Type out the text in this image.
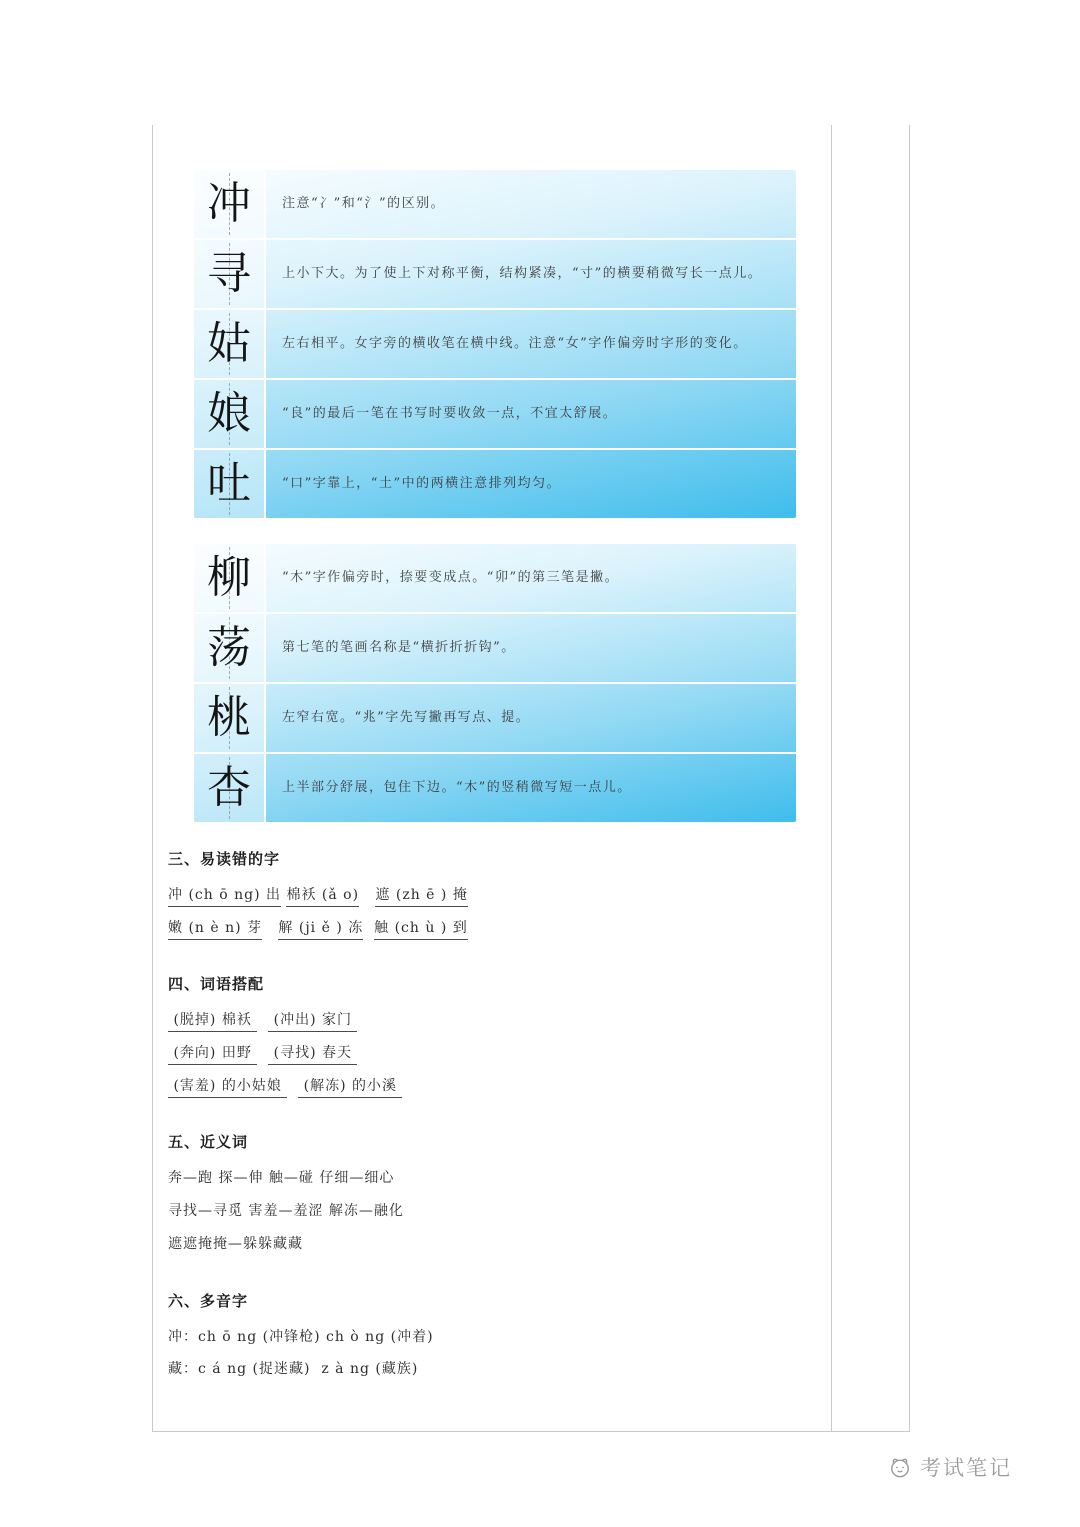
冲	注意“冫”和“氵”的区别。
寻	上小下大。为了使上下对称平衡，结构紧凑，“寸”的横要稍微写长一点儿。
姑	左右相平。女字旁的横收笔在横中线。注意“女”字作偏旁时字形的变化。
娘	“良”的最后一笔在书写时要收敛一点，不宜太舒展。
吐	“口”字靠上，“土”中的两横注意排列均匀。
柳	“木”字作偏旁时，捺要变成点。“卯”的第三笔是撇。
荡	第七笔的笔画名称是“横折折折钩”。
桃	左窄右宽。“兆”字先写撇再写点、提。
杏	上半部分舒展，包住下边。“木”的竖稍微写短一点儿。
三、易读错的字
冲 (ch ō ng) 出 棉袄 (ǎ o) 遮 (zh ē ) 掩
嫩 (n è n) 芽 解 (ji ě ) 冻 触 (ch ù ) 到
四、词语搭配
(脱掉) 棉袄    (冲出) 家门
(奔向) 田野    (寻找) 春天
(害羞) 的小姑娘    (解冻) 的小溪
五、近义词
奔—跑 探—伸 触—碰 仔细—细心
寻找—寻觅 害羞—羞涩 解冻—融化
遮遮掩掩—躲躲藏藏
六、多音字
冲：ch ō ng (冲锋枪) ch ò ng (冲着)
藏：c á ng (捉迷藏)  z à ng (藏族)
考试笔记
